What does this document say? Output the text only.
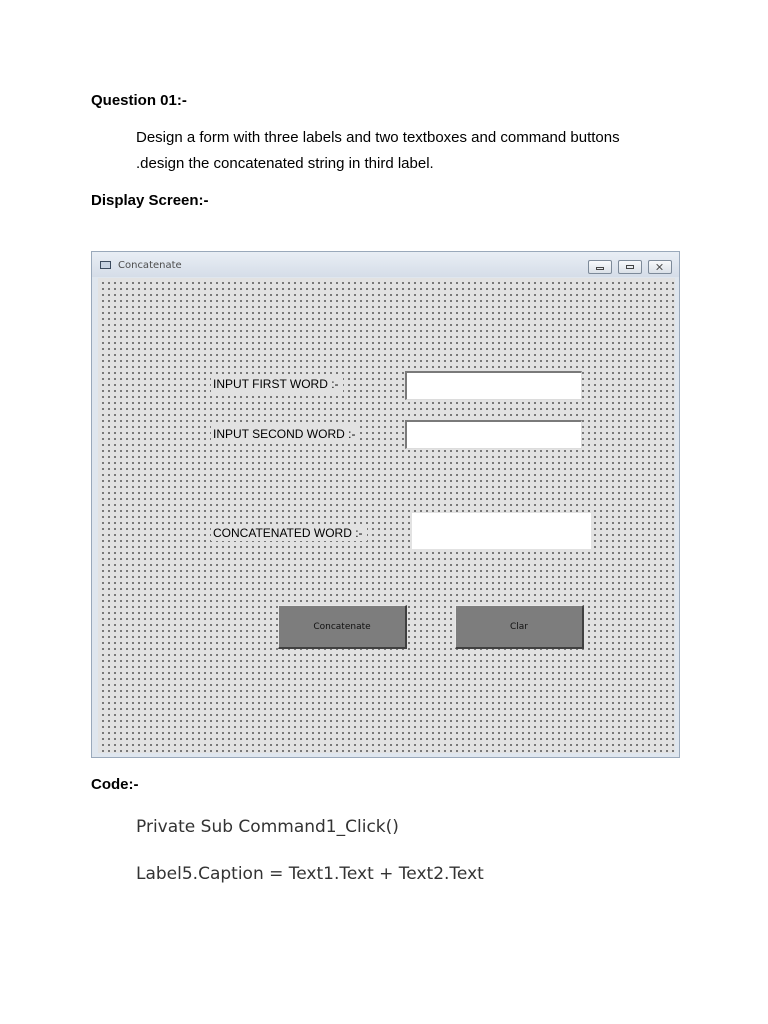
Question 01:-
Design a form with three labels and two textboxes and command buttons
.design the concatenated string in third label.
Display Screen:-
Concatenate
INPUT FIRST WORD :-
INPUT SECOND WORD :-
CONCATENATED WORD :-
Concatenate	Clar
Code:-
Private Sub Command1_Click()
Label5.Caption = Text1.Text + Text2.Text
